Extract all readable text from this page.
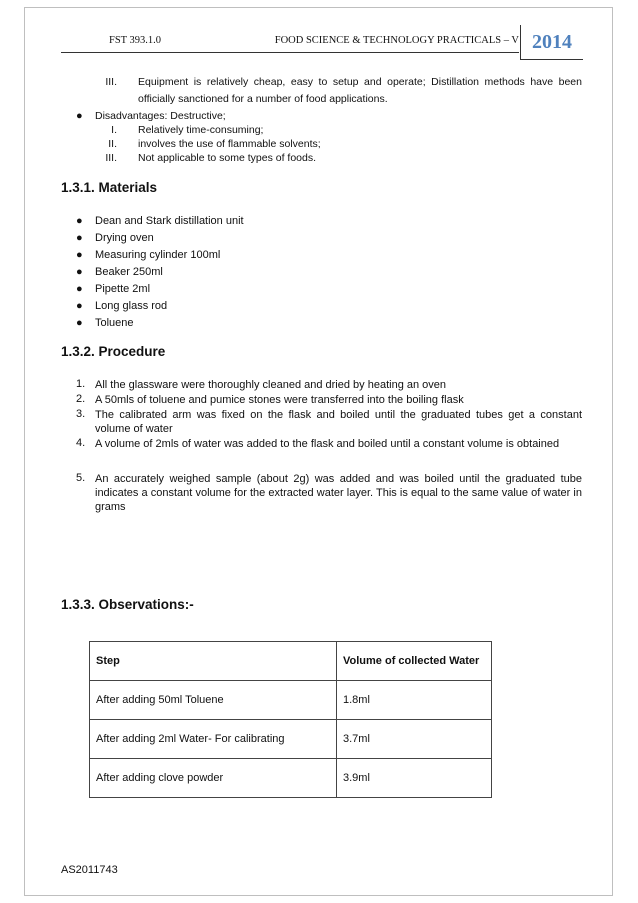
FST 393.1.0	FOOD SCIENCE & TECHNOLOGY PRACTICALS – V 2014
III. Equipment is relatively cheap, easy to setup and operate; Distillation methods have been
officially sanctioned for a number of food applications.
● Disadvantages: Destructive;
I. Relatively time-consuming;
II. involves the use of flammable solvents;
III. Not applicable to some types of foods.
1.3.1. Materials
● Dean and Stark distillation unit
● Drying oven
● Measuring cylinder 100ml
● Beaker 250ml
● Pipette 2ml
● Long glass rod
● Toluene
1.3.2. Procedure
1. All the glassware were thoroughly cleaned and dried by heating an oven
2. A 50mls of toluene and pumice stones were transferred into the boiling flask
3. The calibrated arm was fixed on the flask and boiled until the graduated tubes get a constant volume of water
4. A volume of 2mls of water was added to the flask and boiled until a constant volume is obtained
5. An accurately weighed sample (about 2g) was added and was boiled until the graduated tube indicates a constant volume for the extracted water layer. This is equal to the same value of water in grams
1.3.3. Observations:-
Step	Volume of collected Water
After adding 50ml Toluene	1.8ml
After adding 2ml Water- For calibrating	3.7ml
After adding clove powder	3.9ml
AS2011743
